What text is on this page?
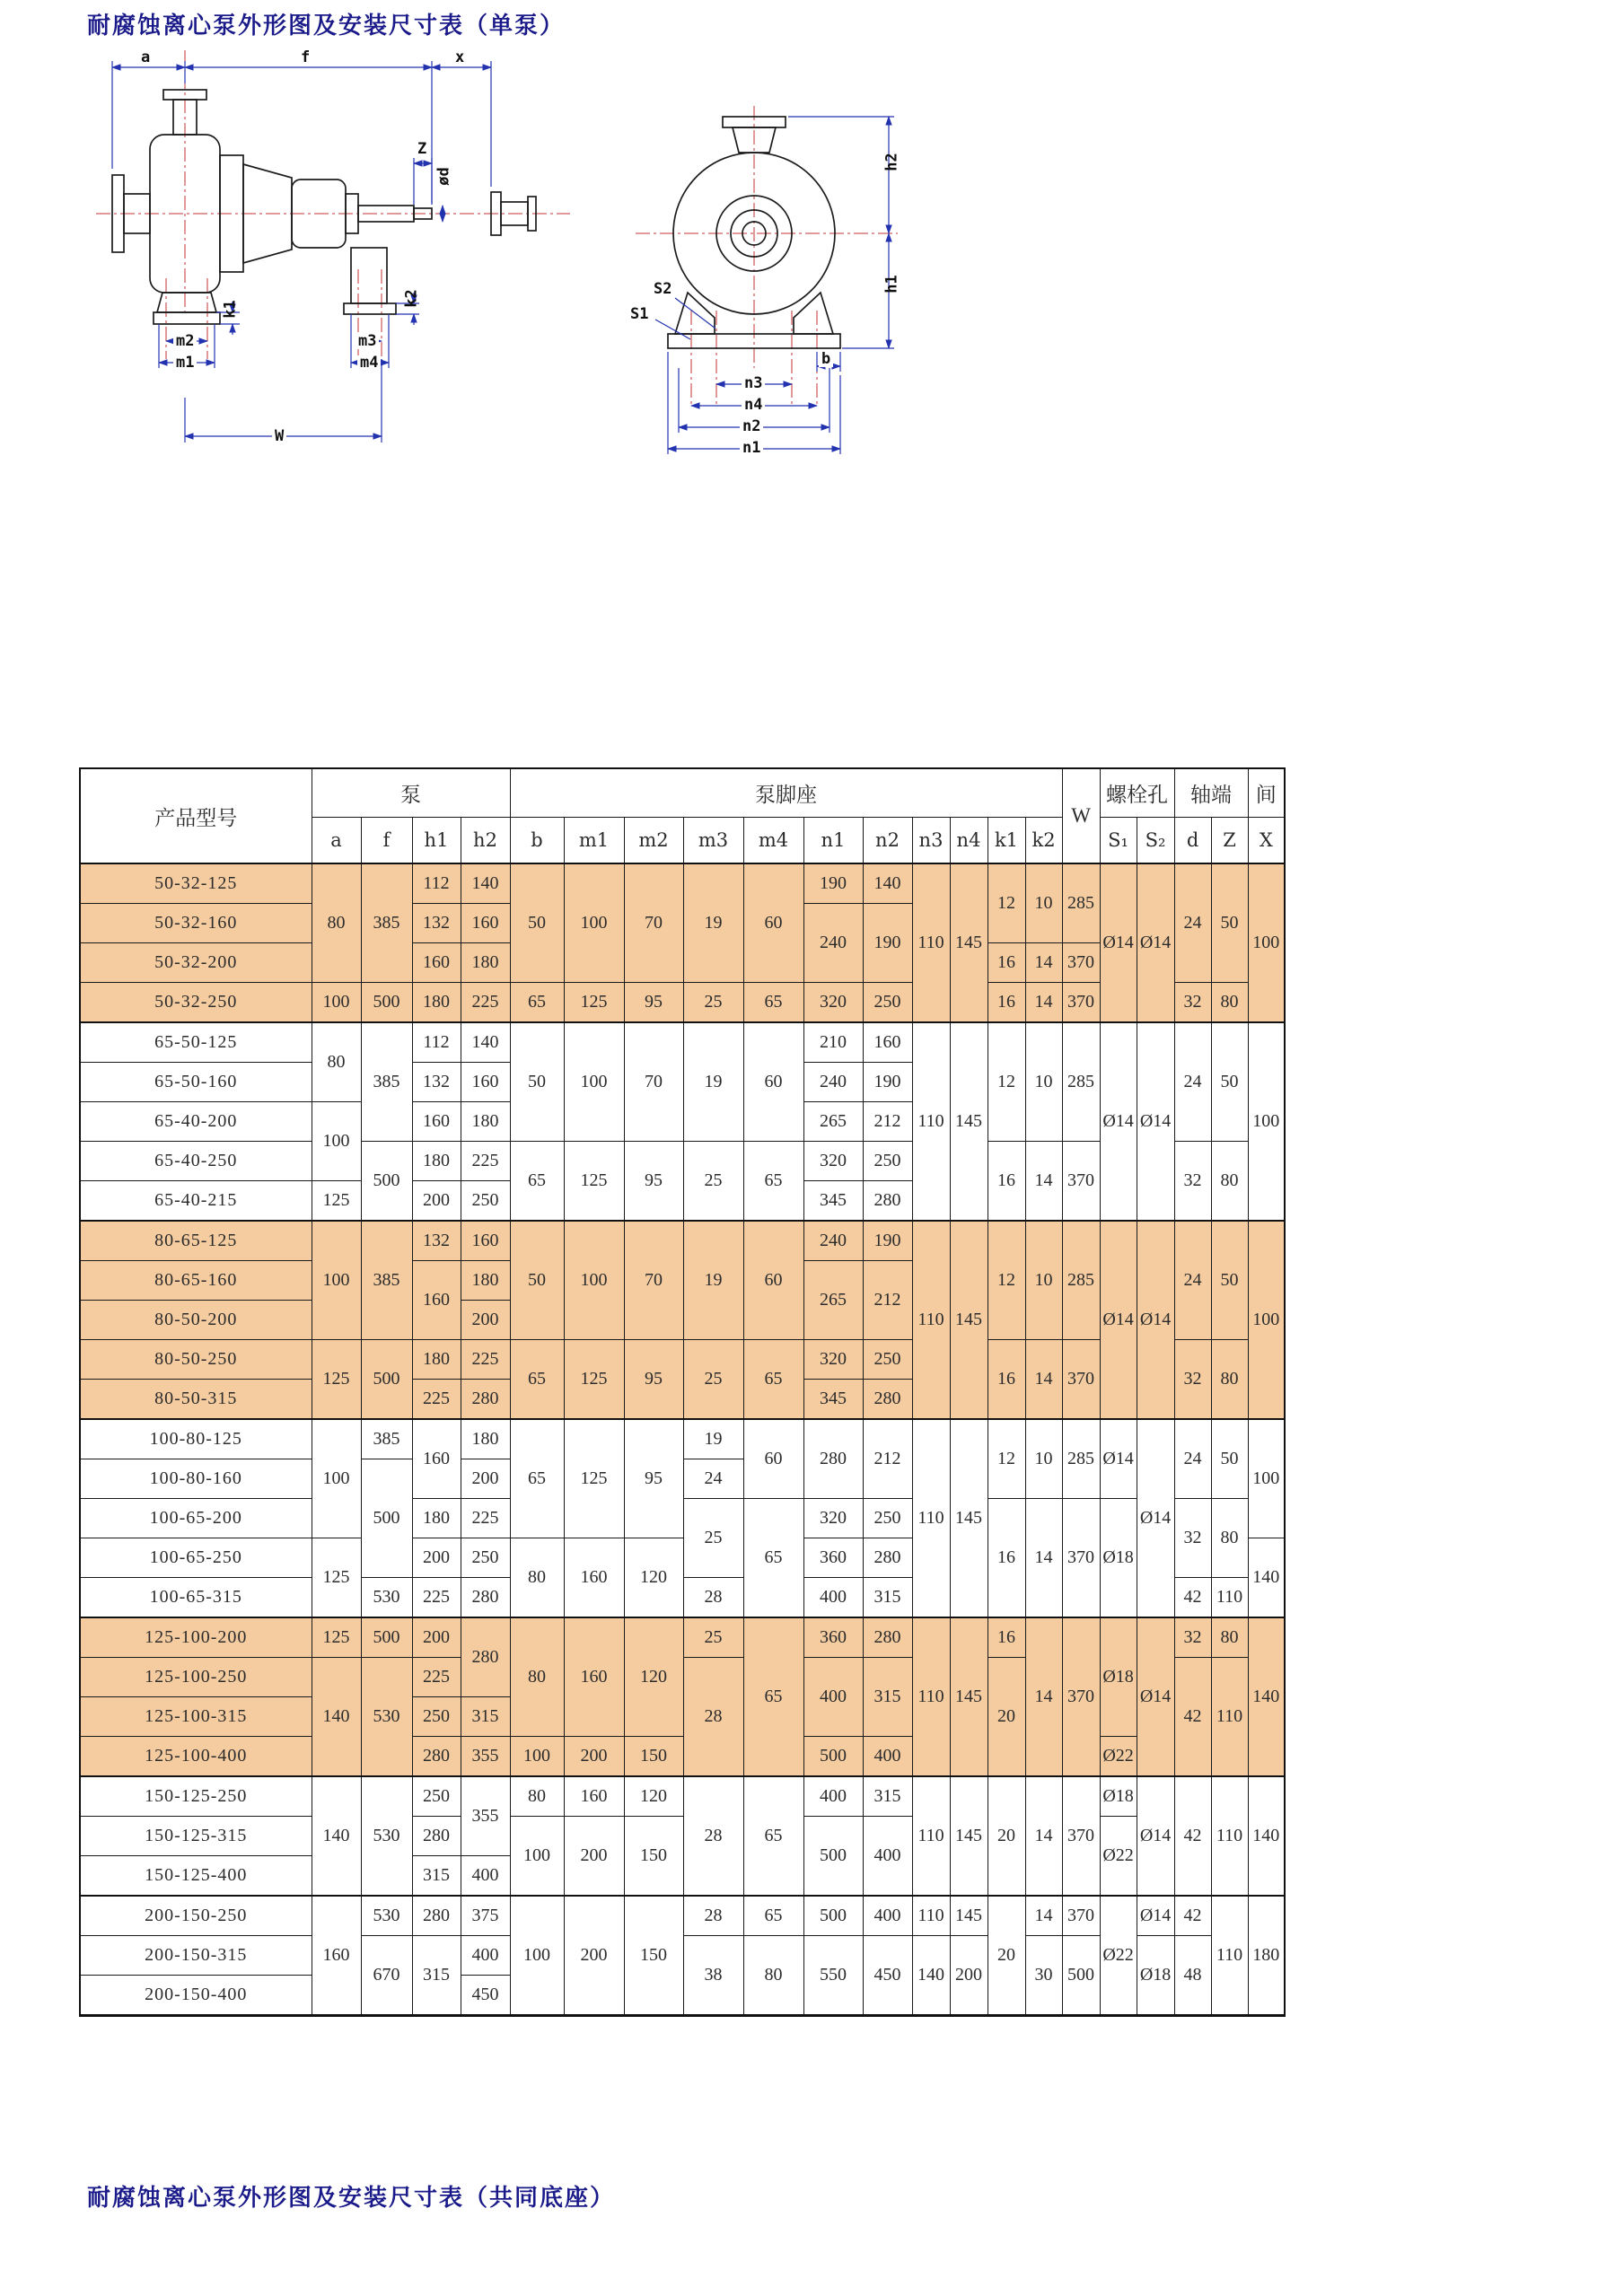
耐腐蚀离心泵外形图及安装尺寸表（单泵）
a	f	x
Z
ød
k1
k2
m2
m1
m3
m4
W
h2
h1
S2
S1
b
n3
n4
n2
n1
产品型号	泵				泵脚座											W	螺栓孔		轴端		间
	a	f	h1	h2	b	m1	m2	m3	m4	n1	n2	n3	n4	k1	k2		S₁	S₂	d	Z	X
50-32-125	80	385	112	140	50	100	70	19	60	190	140	110	145	12	10	285	Ø14	Ø14	24	50	100
50-32-160			132	160						240	190										
50-32-200			160	180										16	14	370					
50-32-250	100	500	180	225	65	125	95	25	65	320	250			16	14	370			32	80	
65-50-125	80	385	112	140	50	100	70	19	60	210	160	110	145	12	10	285	Ø14	Ø14	24	50	100
65-50-160			132	160						240	190										
65-40-200	100		160	180						265	212										
65-40-250		500	180	225	65	125	95	25	65	320	250			16	14	370			32	80	
65-40-215	125		200	250						345	280										
80-65-125	100	385	132	160	50	100	70	19	60	240	190	110	145	12	10	285	Ø14	Ø14	24	50	100
80-65-160			160	180						265	212										
80-50-200				200																	
80-50-250	125	500	180	225	65	125	95	25	65	320	250			16	14	370			32	80	
80-50-315			225	280						345	280										
100-80-125	100	385	160	180	65	125	95	19	60	280	212	110	145	12	10	285	Ø14	Ø14	24	50	100
100-80-160		500		200				24													
100-65-200			180	225				25	65	320	250			16	14	370	Ø18		32	80	
100-65-250	125		200	250	80	160	120			360	280										140
100-65-315		530	225	280				28		400	315								42	110	
125-100-200	125	500	200	280	80	160	120	25	65	360	280	110	145	16	14	370	Ø18	Ø14	32	80	140
125-100-250	140	530	225					28		400	315			20					42	110	
125-100-315			250	315																	
125-100-400			280	355	100	200	150			500	400						Ø22				
150-125-250	140	530	250	355	80	160	120	28	65	400	315	110	145	20	14	370	Ø18	Ø14	42	110	140
150-125-315			280		100	200	150			500	400						Ø22				
150-125-400			315	400																	
200-150-250	160	530	280	375	100	200	150	28	65	500	400	110	145	20	14	370	Ø22	Ø14	42	110	180
200-150-315		670	315	400				38	80	550	450	140	200		30	500		Ø18	48		
200-150-400				450																	
耐腐蚀离心泵外形图及安装尺寸表（共同底座）
